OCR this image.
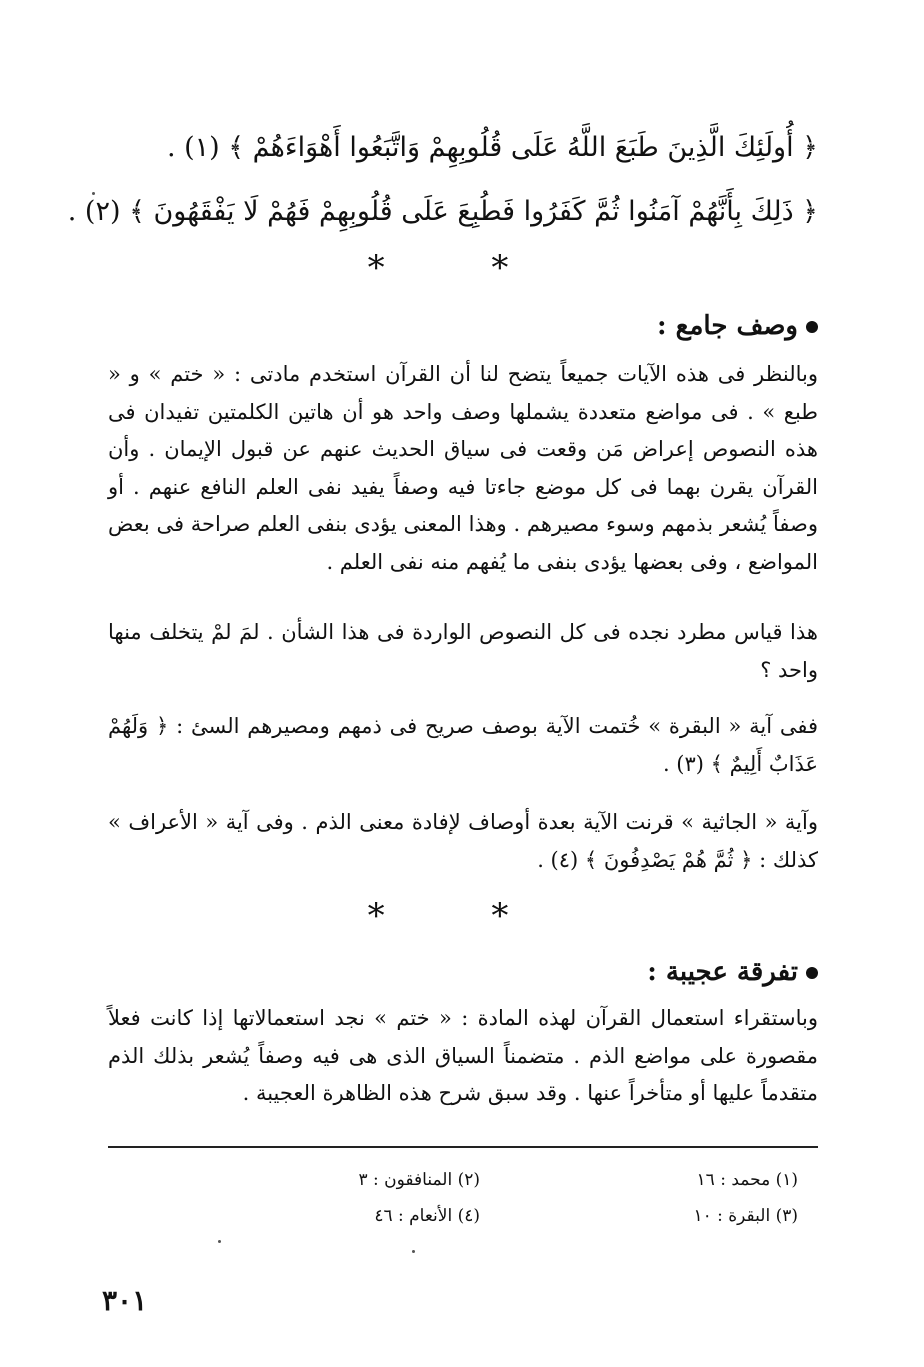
﴿ أُولَئِكَ الَّذِينَ طَبَعَ اللَّهُ عَلَى قُلُوبِهِمْ وَاتَّبَعُوا أَهْوَاءَهُمْ ﴾ (١) .
﴿ ذَلِكَ بِأَنَّهُمْ آمَنُوا ثُمَّ كَفَرُوا فَطُبِعَ عَلَى قُلُوبِهِمْ فَهُمْ لَا يَفْقَهُونَ ﴾ (٢) .
* *
وصف جامع :
وبالنظر فى هذه الآيات جميعاً يتضح لنا أن القرآن استخدم مادتى : « ختم » و « طبع » . فى مواضع متعددة يشملها وصف واحد هو أن هاتين الكلمتين تفيدان فى هذه النصوص إعراض مَن وقعت فى سياق الحديث عنهم عن قبول الإيمان . وأن القرآن يقرن بهما فى كل موضع جاءتا فيه وصفاً يفيد نفى العلم النافع عنهم . أو وصفاً يُشعر بذمهم وسوء مصيرهم . وهذا المعنى يؤدى بنفى العلم صراحة فى بعض المواضع ، وفى بعضها يؤدى بنفى ما يُفهم منه نفى العلم .
هذا قياس مطرد نجده فى كل النصوص الواردة فى هذا الشأن . لمَ لمْ يتخلف منها واحد ؟
ففى آية « البقرة » خُتمت الآية بوصف صريح فى ذمهم ومصيرهم السئ : ﴿ وَلَهُمْ عَذَابٌ أَلِيمٌ ﴾ (٣) .
وآية « الجاثية » قرنت الآية بعدة أوصاف لإفادة معنى الذم . وفى آية « الأعراف » كذلك : ﴿ ثُمَّ هُمْ يَصْدِفُونَ ﴾ (٤) .
* *
تفرقة عجيبة :
وباستقراء استعمال القرآن لهذه المادة : « ختم » نجد استعمالاتها إذا كانت فعلاً مقصورة على مواضع الذم . متضمناً السياق الذى هى فيه وصفاً يُشعر بذلك الذم متقدماً عليها أو متأخراً عنها . وقد سبق شرح هذه الظاهرة العجيبة .
(١) محمد : ١٦
(٢) المنافقون : ٣
(٣) البقرة : ١٠
(٤) الأنعام : ٤٦
٣٠١
